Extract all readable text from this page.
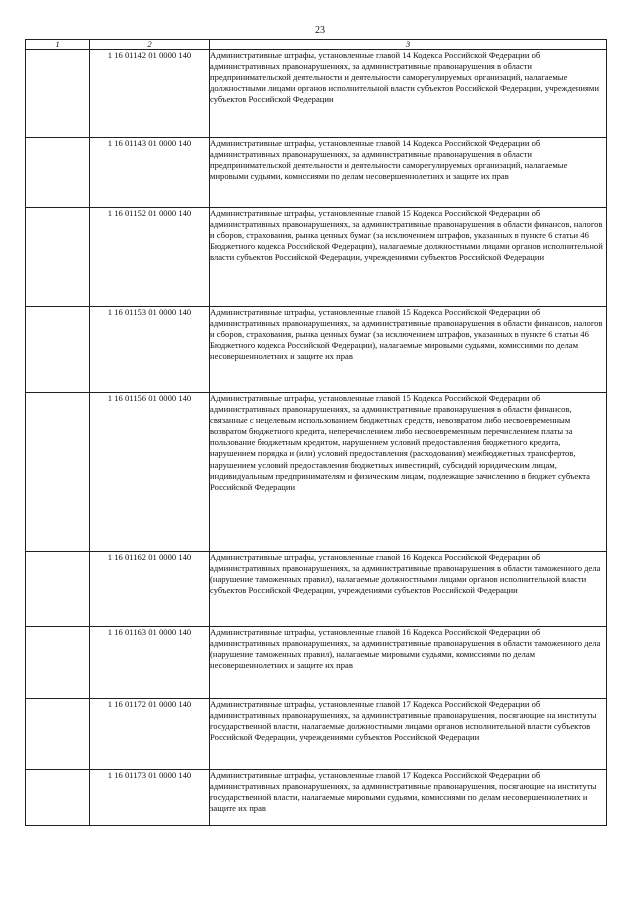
23
1	2	3
	1 16 01142 01 0000 140	Административные штрафы, установленные главой 14 Кодекса Российской Федерации об административных правонарушениях, за административные правонарушения в области предпринимательской деятельности и деятельности саморегулируемых организаций, налагаемые должностными лицами органов исполнительной власти субъектов Российской Федерации, учреждениями субъектов Российской Федерации
	1 16 01143 01 0000 140	Административные штрафы, установленные главой 14 Кодекса Российской Федерации об административных правонарушениях, за административные правонарушения в области предпринимательской деятельности и деятельности саморегулируемых организаций, налагаемые мировыми судьями, комиссиями по делам несовершеннолетних и защите их прав
	1 16 01152 01 0000 140	Административные штрафы, установленные главой 15 Кодекса Российской Федерации об административных правонарушениях, за административные правонарушения в области финансов, налогов и сборов, страхования, рынка ценных бумаг (за исключением штрафов, указанных в пункте 6 статьи 46 Бюджетного кодекса Российской Федерации), налагаемые должностными лицами органов исполнительной власти субъектов Российской Федерации, учреждениями субъектов Российской Федерации
	1 16 01153 01 0000 140	Административные штрафы, установленные главой 15 Кодекса Российской Федерации об административных правонарушениях, за административные правонарушения в области финансов, налогов и сборов, страхования, рынка ценных бумаг (за исключением штрафов, указанных в пункте 6 статьи 46 Бюджетного кодекса Российской Федерации), налагаемые мировыми судьями, комиссиями по делам несовершеннолетних и защите их прав
	1 16 01156 01 0000 140	Административные штрафы, установленные главой 15 Кодекса Российской Федерации об административных правонарушениях, за административные правонарушения в области финансов, связанные с нецелевым использованием бюджетных средств, невозвратом либо несвоевременным возвратом бюджетного кредита, неперечислением либо несвоевременным перечислением платы за пользование бюджетным кредитом, нарушением условий предоставления бюджетного кредита, нарушением порядка и (или) условий предоставления (расходования) межбюджетных трансфертов, нарушением условий предоставления бюджетных инвестиций, субсидий юридическим лицам, индивидуальным предпринимателям и физическим лицам, подлежащие зачислению в бюджет субъекта Российской Федерации
	1 16 01162 01 0000 140	Административные штрафы, установленные главой 16 Кодекса Российской Федерации об административных правонарушениях, за административные правонарушения в области таможенного дела (нарушение таможенных правил), налагаемые должностными лицами органов исполнительной власти субъектов Российской Федерации, учреждениями субъектов Российской Федерации
	1 16 01163 01 0000 140	Административные штрафы, установленные главой 16 Кодекса Российской Федерации об административных правонарушениях, за административные правонарушения в области таможенного дела (нарушение таможенных правил), налагаемые мировыми судьями, комиссиями по делам несовершеннолетних и защите их прав
	1 16 01172 01 0000 140	Административные штрафы, установленные главой 17 Кодекса Российской Федерации об административных правонарушениях, за административные правонарушения, посягающие на институты государственной власти, налагаемые должностными лицами органов исполнительной власти субъектов Российской Федерации, учреждениями субъектов Российской Федерации
	1 16 01173 01 0000 140	Административные штрафы, установленные главой 17 Кодекса Российской Федерации об административных правонарушениях, за административные правонарушения, посягающие на институты государственной власти, налагаемые мировыми судьями, комиссиями по делам несовершеннолетних и защите их прав
